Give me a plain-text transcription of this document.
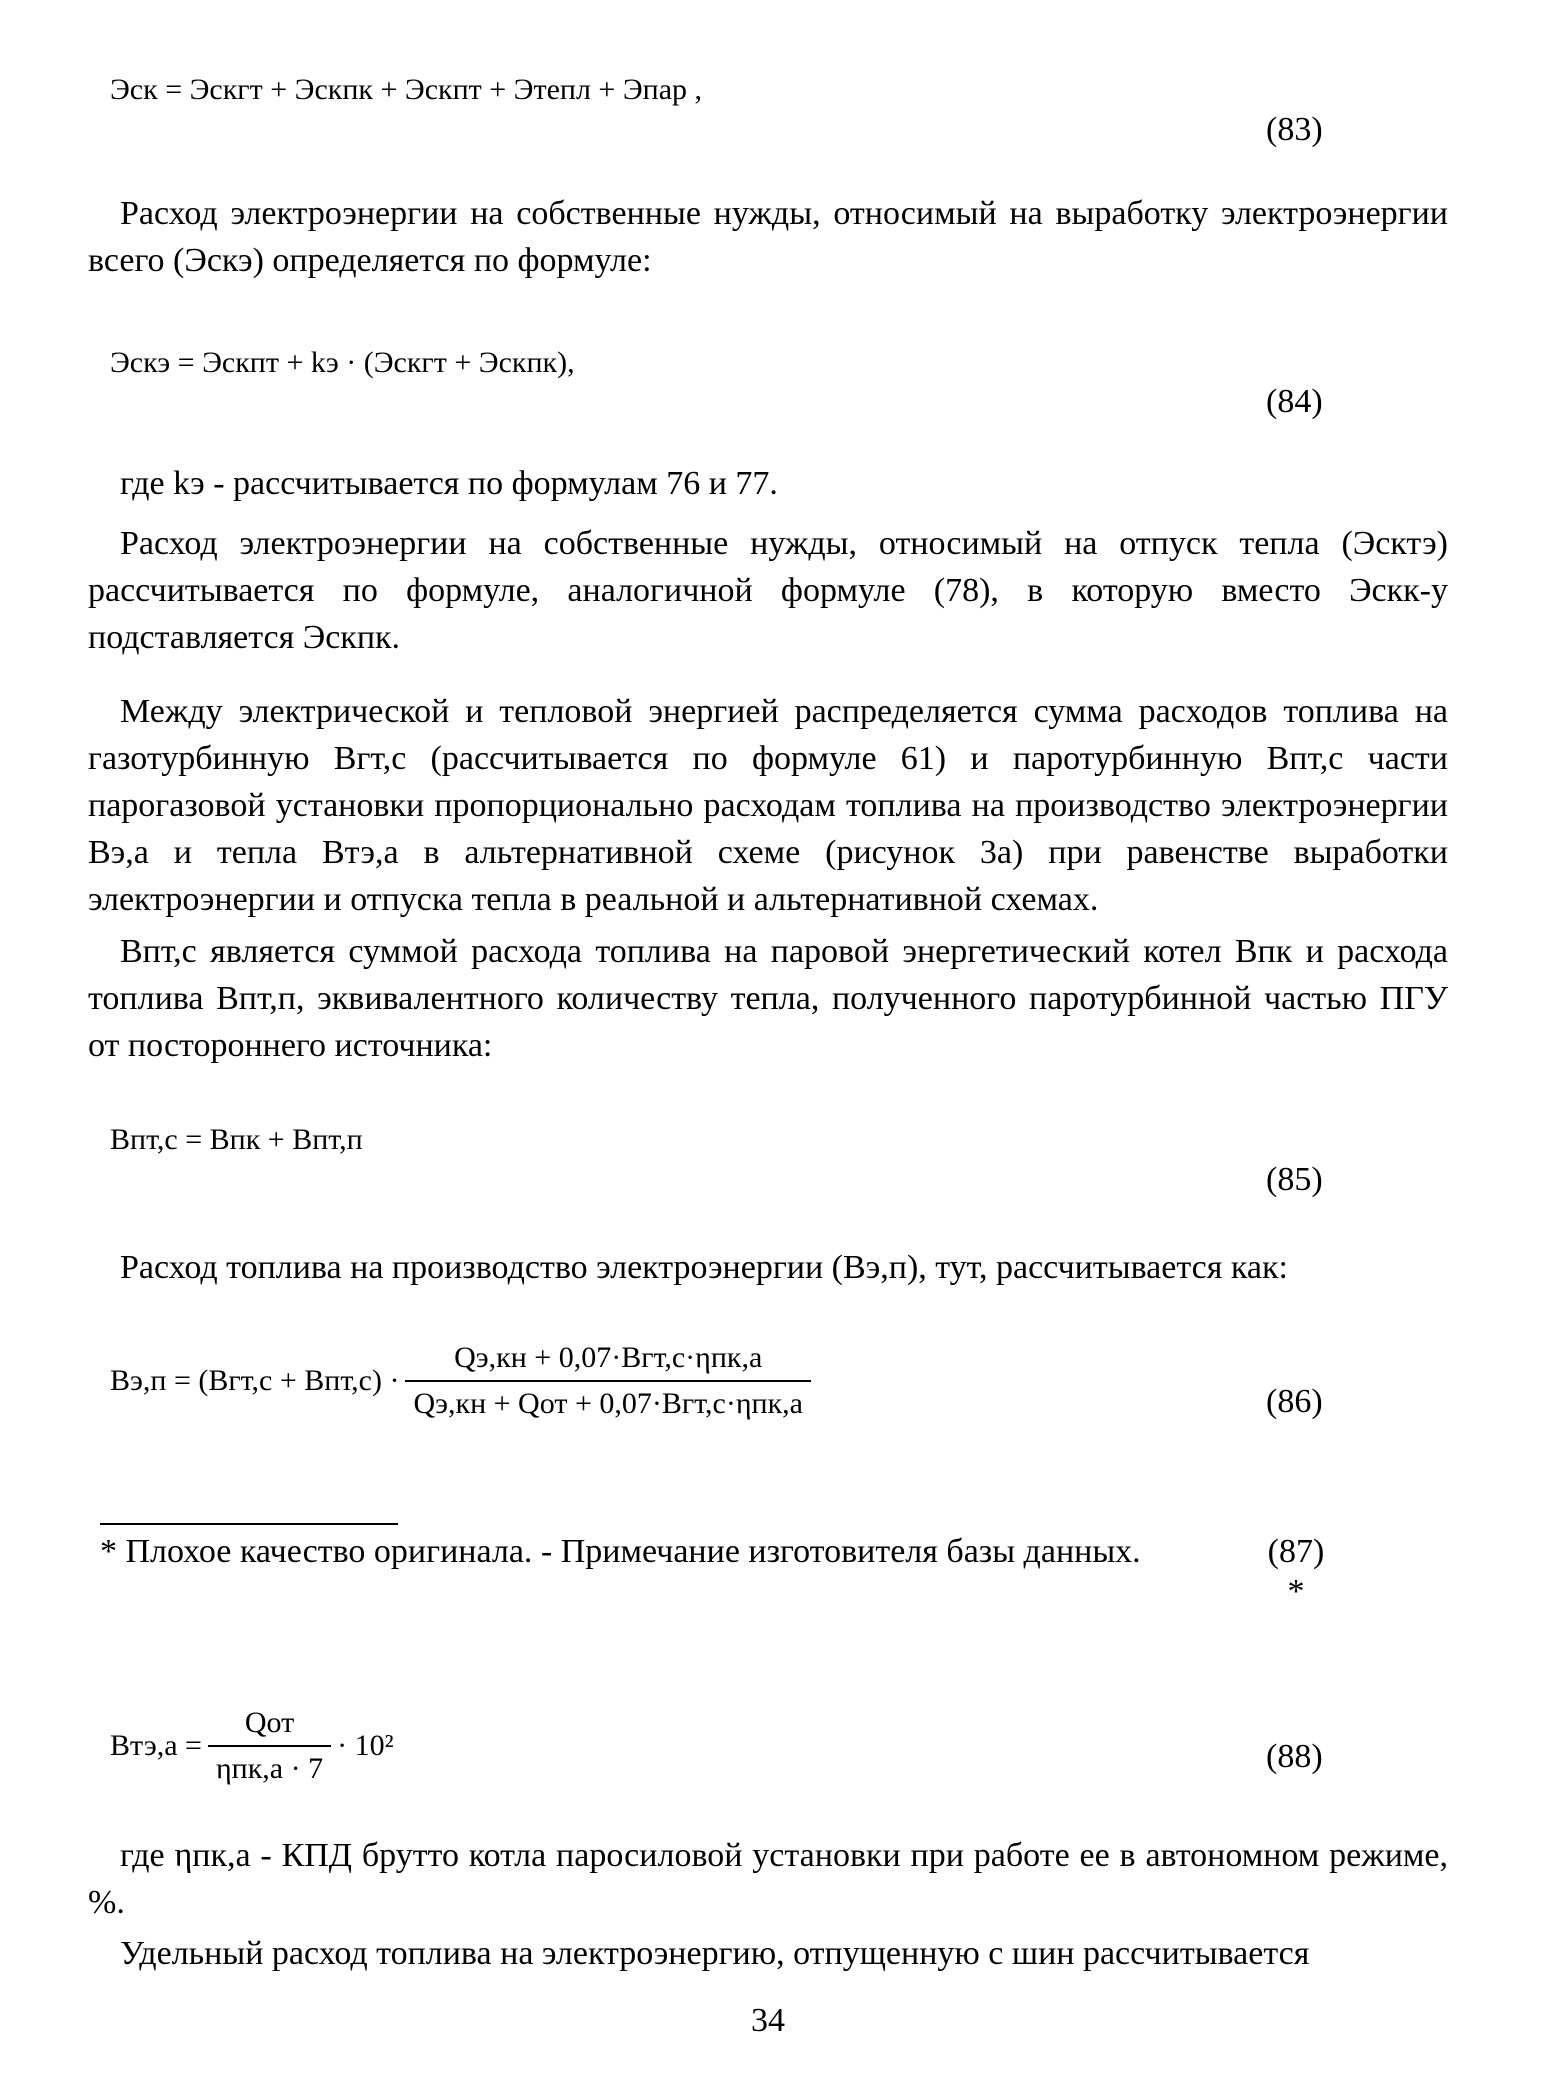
Эск = Эскгт + Эскпк + Эскпт + Этепл + Эпар ,
(83)

Расход электроэнергии на собственные нужды, относимый на выработку электроэнергии всего (Эскэ) определяется по формуле:

Эскэ = Эскпт + kэ · (Эскгт + Эскпк),
(84)

где kэ - рассчитывается по формулам 76 и 77.

Расход электроэнергии на собственные нужды, относимый на отпуск тепла (Эсктэ) рассчитывается по формуле, аналогичной формуле (78), в которую вместо Эскк-у подставляется Эскпк.

Между электрической и тепловой энергией распределяется сумма расходов топлива на газотурбинную Bгт,с (рассчитывается по формуле 61) и паротурбинную Bпт,с части парогазовой установки пропорционально расходам топлива на производство электроэнергии Bэ,а и тепла Bтэ,а в альтернативной схеме (рисунок 3а) при равенстве выработки электроэнергии и отпуска тепла в реальной и альтернативной схемах.

Bпт,с является суммой расхода топлива на паровой энергетический котел Bпк и расхода топлива Bпт,п, эквивалентного количеству тепла, полученного паротурбинной частью ПГУ от постороннего источника:

Bпт,с = Bпк + Bпт,п
(85)

Расход топлива на производство электроэнергии (Bэ,п), тут, рассчитывается как:

$Bэ,п = (Bгт,с + Bпт,с) \cdot \frac{\text{Qэ,кн + 0,07·Bгт,с·ηпк,а}}{\text{Qэ,кн + Qот + 0,07·Bгт,с·ηпк,а}}$	(86)

* Плохое качество оригинала. - Примечание изготовителя базы данных.	(87)
*
$Bтэ,а = \frac{\text{Qот}}{\text{ηпк,а · 7}} \cdot 10^2$	(88)

где ηпк,а - КПД брутто котла паросиловой установки при работе ее в автономном режиме, %.

Удельный расход топлива на электроэнергию, отпущенную с шин рассчитывается

34
